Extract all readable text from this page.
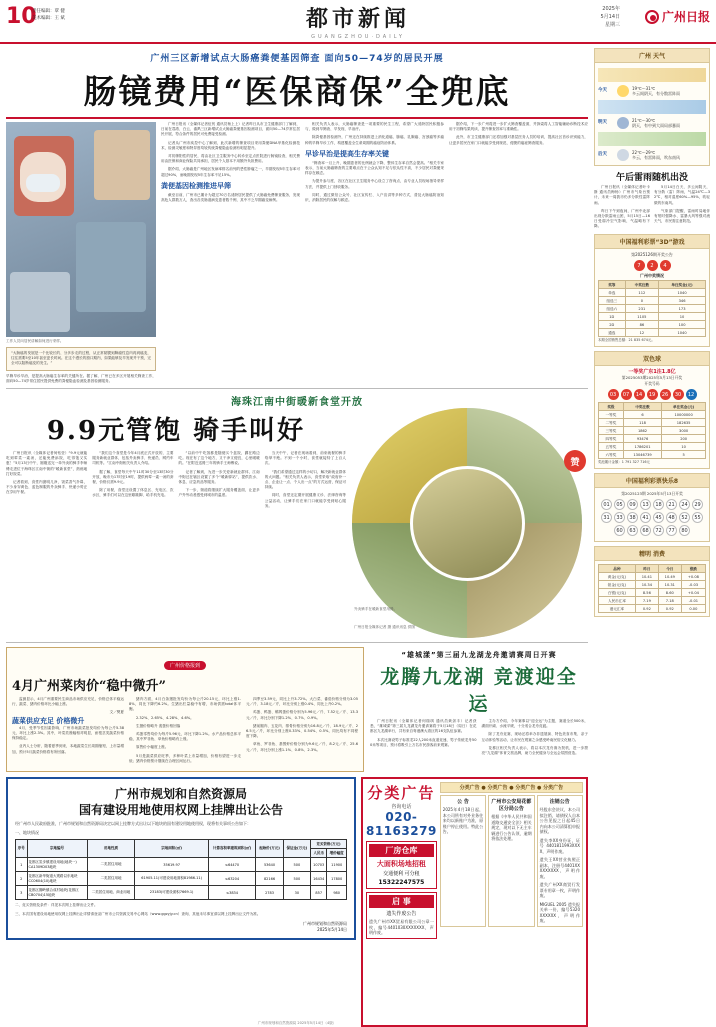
10
责任编辑：覃 健
美术编辑：王 斌	都市新闻
GUANGZHOU·DAILY
2025年
5月14日
星期三
广州日报
广州三区新增试点大肠癌粪便基因筛查 面向50—74岁的居民开展
肠镜费用“医保商保”全兜底
工作人员向居民讲解如何进行采样。
“大肠癌的发展是一个比较长的、分多步走的过程，从正常黏膜到腺瘤性息肉再到癌变，往往需要5至10年甚至更长时间。在这个漫长的窗口期内，如果能够及早发现并干预，完全可以阻断癌变的发生。”
早筛早诊早治，是提高大肠癌生存率的关键所在。据了解，广州已在多区开展相关筛查工作，面向50—74岁常住居民提供免费的粪便隐血检测及基因检测服务。

广州日报讯（全媒体记者伍仞 通讯员杨上上）记者昨日从市卫生健康部门了解到，日前在荔湾、白云、番禺三区新增试点大肠癌粪便基因检测项目，面向50—74岁常住居民开展，符合条件的居民可免费接受检测。

记者从广州市疾控中心了解到，此次新增的筛查项目采用粪便DNA甲基化检测技术，检测灵敏度和特异度均较传统粪便隐血检测有明显提升。

对初筛阳性的居民，将由社区卫生服务中心转诊至定点医院进行肠镜检查，相关费用由医保和商业保险共同承担，居民个人基本不用额外负担费用。

据介绍，大肠癌是广州地区发病率排名前列的恶性肿瘤之一，早期发现5年生存率可超过90%，而晚期发现5年生存率不足15%。

粪便基因检测推进早筛

截至目前，广州市已累计为超过70万名适龄居民提供了大肠癌免费筛查服务，发现高危人群数万人，查出各类肠道病变患者数千例，其中不乏早期癌变病例。

相关负责人表示，大肠癌筛查是一项重要的民生工程，希望广大适龄居民积极参与，做到早筛查、早发现、早治疗。

除粪便基因检测外，广州还在持续推进上消化道癌、肺癌、乳腺癌、宫颈癌等多癌种的早筛早诊工作，构建覆盖全生命周期的癌症防治体系。

早诊早治是提高生存率关键

“筛查率一旦上升，晚期患者的比例就会下降，整体生存率自然会提高。”相关专家表示，当前大肠癌筛查的主要难点在于公众认知不足与依从性不高，不少居民对粪便采样存在顾虑。

为提升参与度，各区在社区卫生服务中心设立了咨询点，由专业人员现场指导采样方法，并提供上门回收服务。

同时，通过微信公众号、社区宣传栏、入户宣讲等多种方式，普及大肠癌防治知识，消除居民的误解与顾虑。

据介绍，下一步广州将进一步扩大筛查覆盖面，并探索将人工智能辅助诊断技术应用于初筛结果判读，提升筛查效率与准确性。

此外，市卫生健康部门还将加强对基层医务人员的培训，提高社区首诊识别能力，让更多居民在家门口就能享受到规范、便捷的癌症筛查服务。

海珠江南中街暖新食堂开放
9.9元管饱 骑手叫好

广州日报讯（全媒体记者何钻莹）“9.9元就能吃到荤菜一素汤，还能免费添饭，吃得饱又实惠！”5月13日中午，刚刚送完一单外卖的骑手李师傅走进位于海珠区江南中街的“暖新食堂”，熟练地打好饭菜。

记者看到，食堂内窗明几净，饭菜香气扑鼻，不少身穿黄色、蓝色制服的外卖骑手、快递小哥正在享用午餐。

“我们这个食堂是今年4月底正式开放的，主要服务新就业群体，包括外卖骑手、快递员、网约车司机等。”江南中街相关负责人介绍。

据了解，食堂每天中午11时30分至13时30分开放，晚市为17时至19时，提供两荤一素一汤的套餐，价格仅需9.9元。

除了用餐，食堂还设置了休息区、充电区、饮水区，骑手们可以在这里歇歇脚、给手机充电。

“以前中午吃饭都是随便买个盒饭，蹲在路边吃。现在有了这个地方，又干净又便宜，心里暖暖的。”在附近送餐三年的骑手王师傅说。

记者了解到，为进一步关爱新就业群体，江南中街还在辖区设置了多个“暖新驿站”，提供饮水、休息、应急药品等服务。

下一步，街道将继续扩大服务覆盖面，让更多户外劳动者感受到城市的温度。

当天中午，记者在现场看到，前来就餐的骑手络绎不绝。不到一个小时，食堂就接待了上百人次。

“我们希望通过这样的小切口，解决新就业群体的大问题。”相关负责人表示，食堂采取“政府补一点、企业让一点、个人出一点”的方式运营，保证可持续。

同时，食堂还定期开展健康义诊、法律咨询等公益活动，让骑手们在家门口就能享受到贴心服务。

赞
外卖骑手在暖新食堂用餐。
广州日报全媒体记者 摄 通讯讯息 供图
广州价格报到
4月广州菜肉价“稳中微升”

监测显示，4月广州重要民生商品市场供应充足，价格总体平稳运行，蔬菜、猪肉价格环比小幅上涨。

文／樊夏

蔬菜供应充足 价格微升

4月，受季节性因素影响，广州市场蔬菜批发均价为每公斤5.38元，环比上涨2.3%。其中，叶菜类涨幅相对明显，而根茎类蔬菜价格保持稳定。

业内人士分析，随着夏季到来，本地蔬菜生长周期缩短，上市量增加，预计5月蔬菜价格将有所回落。

猪肉方面，4月白条猪批发均价为每公斤20.15元，环比上涨1.8%，同比下降约6.2%。生猪出栏量稳中有增，市场供需total体平衡。

2.32%、2.65%、4.28%、4.6%。

生猪价格略升 禽蛋价格回落

鸡蛋零售均价为每斤5.96元，环比下降1.2%。水产品价格总体平稳，其中罗非鱼、草鱼价格略有上涨。

原售价小幅度上涨。

5月是蔬菜供应旺季，多种叶菜上市量增加，价格有望进一步走低；猪肉价格预计继续在合理区间运行。

四季豆3.59元，同比上升3.72%。大白菜、番茄价格分别为3.05元／斤、3.18元／斤，环比分别上涨0.4%、同比上升0.2%。

鸡蛋、鸭蛋、鹌鹑蛋价格分别为5.96元／斤、7.52元／斤、13.3元／斤，环比分别下降1.2%、0.7%、0.9%。

猪前腿肉、五花肉、排骨价格分别为16.8元／斤、18.9元／斤、26.5元／斤，环比分别上涨0.33%、0.54%、0.5%，同比均有不同程度下降。

草鱼、罗非鱼、基围虾价格分别为9.6元／斤、8.2元／斤、25.6元／斤，环比分别上涨1.1%、0.8%、2.3%。

“雄城漾”第三届九龙湖龙舟邀请赛周日开赛
龙腾九龙湖 竞渡迎全运

广州日报讯（全媒体记者何瑞琪 通讯员黄剑丰）记者获悉，“雄城漾”第三届九龙湖龙舟邀请赛将于5月18日（周日）在花都区九龙湖举行，共有来自粤港澳大湾区的16支队伍参赛。

本次比赛设男子标准龙22人200米直道竞速、男子传统龙舟500米等项目，预计将吸引上万名市民游客前来观赛。

主办方介绍，今年赛事以“迎全运”为主题，赛道全长500米，湖面开阔、水流平缓，十分适合龙舟竞渡。

除了龙舟竞赛，现场还将举办非遗展演、特色美食市集、亲子互动体验等活动，让市民在观赛之余感受岭南民俗文化魅力。

花都区相关负责人表示，将以本次龙舟赛为契机，进一步擦亮“九龙湖”体育文旅品牌，助力全民健身与全运会氛围营造。

广州市规划和自然资源局
国有建设用地使用权网上挂牌出让公告

经广州市人民政府批准，广州市规划和自然资源局决定以网上挂牌方式出让以下地块的国有建设用地使用权，现将有关事项公告如下：

一、地块情况

序号	宗地编号	用地性质	宗地面积(㎡)	计算容积率建筑面积(㎡)	起始价(万元)	保证金(万元)	竞买资格(万元)	
							人民币	增价幅度
1	花都区炭步镇建设用地(地块一) CA1309D03地块	二类居住用地	35619.97	≤64470	53640	500	10703	11900
2	花都区新华街道大观路以东地块 CC0604(10)地块	二类居住用地	61905.11(可建设用地面积81986.11)	≤63204	82166	500	16434	17800
3	花都区狮岭镇合成村地块(花都区CB0704)15地块	二类居住用地、商业用地	23183(可建设面积7669.1)	≤3834	2783	30	857	980
二、竞买资格及条件：详见本次网上挂牌出让文件。
三、本次国有建设用地使用权网上挂牌出让详情请登录广州市公共资源交易中心网站（www.ggzyjy.cn）查询，其他未尽事宜请以网上挂牌出让文件为准。
广州市规划和自然资源局
2025年5月14日
分类广告
咨询电话
020-81163279
厂房仓库
大面积场地招租
交通便利 可分租
15322247575
启 事
遗失作废公告
遗失广州市XX贸易有限公司公章一枚，编号4401030XXXXXXX，声明作废。
分类广告 ● 分类广告 ● 分类广告 ● 分类广告
公 告
2025年4月18日起，本公司所有对外业务往来均以新账户为准，原账户停止使用。特此公告。
广州市公安局花都区分局公告
根据《中华人民共和国道路交通安全法》相关规定，现对以下无主车辆进行公告认领，逾期将依法处理。
注销公告
经股东会决议，本公司拟注销，请债权人自本公告见报之日起45日内向本公司清算组申报债权。
遗失李XX身份证，证号4401811993XXXX，声明作废。
遗失王XX营业执照正副本，注册号4401XXXXXXXXX，声明作废。
遗失广州XX商贸行发票专用章一枚，声明作废。
MIGUEL 2005 遗失报关单一份，编号5320XXXXXX，声明作废。
广州市规划和自然资源局 2025年5月14日（4版）
广州 天气
今天	19℃～31℃
多云间阴天，有分散雷阵雨
明天	21℃～30℃
阴天，有中到大雨局部暴雨
后天	22℃～29℃
多云，有雷阵雨，吹东南风
午后雷雨随机出没

广州日报讯（全媒体记者叶卡斯 通讯员梅杨）广州市气象台预计，未来一周我市仍多分散性雷阵雨。

昨日下午到夜间，广州中北部出现分散雷雨云团，5月15日—16日受弱冷空气影响，气温略有下降。

5月14日白天，多云间阴天，有分散（雷）阵雨，气温24℃—32℃，相对湿度60%—95%，吹轻微的东南风。

气象部门提醒，雷雨时局地伴有短时强降水、雷暴大风等强对流天气，市民需注意防范。

中国福利彩票“3D”游戏
第2025126期开奖公告
7	2	4
广州中奖情况
奖等	中奖注数	单注奖金(元)
单选	112	1040
组选三	0	346
组选六	231	173
1D	1105	10
2D	86	100
通选	12	1040
本期全国销售总额：21 835 674元。
双色球
一等奖广东1注1.8亿
第2025053期2025年5月13日开奖
开奖号码
03	07	14	19	26	30	12
奖级	中奖注数	单注奖金(元)
一等奖	6	10000000
二等奖	118	182635
三等奖	1862	3000
四等奖	93476	200
五等奖	1786201	10
六等奖	13046739	5
奖池累计金额：1 791 327 716元
中国福利彩票快乐8
第2025123期 2025年5月13日开奖
01	05	09	13	18	21	24	29
31	33	38	41	45	48	52	55
60	63	68	72	77	80
精明 消费
品种	昨日	今日	涨跌
黄金(元/克)	10.41	10.49	+0.08
铂金(元/克)	10.34	10.31	-0.03
白银(元/克)	8.56	8.60	+0.04
人民币汇率	7.19	7.18	-0.01
港元汇率	0.92	0.92	0.00
